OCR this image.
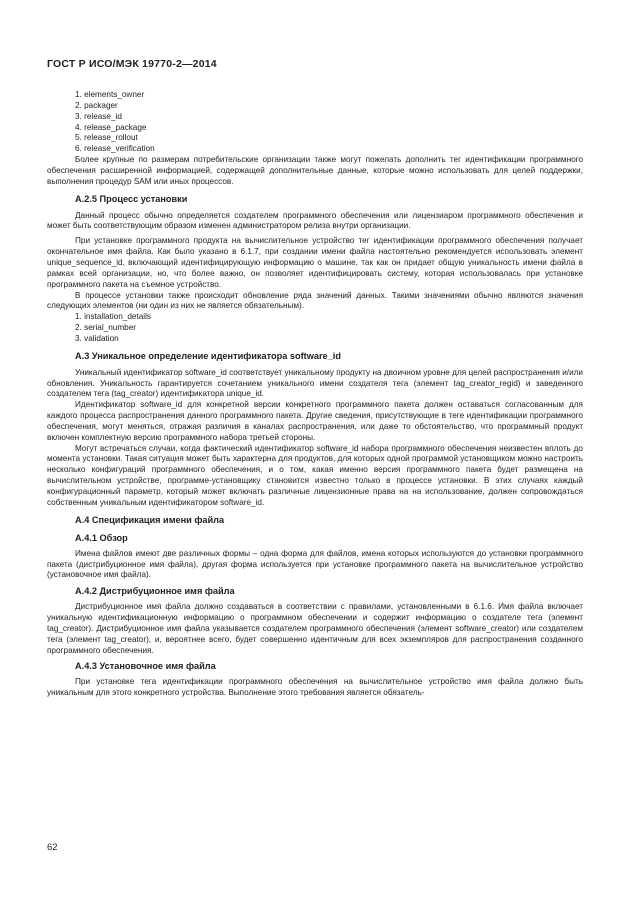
ГОСТ Р ИСО/МЭК 19770-2—2014
1. elements_owner
2. packager
3. release_id
4. release_package
5. release_rollout
6. release_verification

Более крупные по размерам потребительские организации также могут пожелать дополнить тег идентификации программного обеспечения расширенной информацией, содержащей дополнительные данные, которые можно использовать для целей поддержки, выполнения процедур SAM или иных процессов.

А.2.5 Процесс установки

Данный процесс обычно определяется создателем программного обеспечения или лицензиаром программного обеспечения и может быть соответствующим образом изменен администратором релиза внутри организации.

При установке программного продукта на вычислительное устройство тег идентификации программного обеспечения получает окончательное имя файла. Как было указано в 6.1.7, при создании имени файла настоятельно рекомендуется использовать элемент unique_sequence_id, включающий идентифицирующую информацию о машине, так как он придает общую уникальность имени файла в рамках всей организации, но, что более важно, он позволяет идентифицировать систему, которая использовалась при установке программного пакета на съемное устройство.

В процессе установки также происходит обновление ряда значений данных. Такими значениями обычно являются значения следующих элементов (ни один из них не является обязательным).

1. installation_details
2. serial_number
3. validation
А.3 Уникальное определение идентификатора software_id

Уникальный идентификатор software_id соответствует уникальному продукту на двоичном уровне для целей распространения и/или обновления. Уникальность гарантируется сочетанием уникального имени создателя тега (элемент tag_creator_regid) и заведенного создателем тега (tag_creator) идентификатора unique_id.

Идентификатор software_id для конкретной версии конкретного программного пакета должен оставаться согласованным для каждого процесса распространения данного программного пакета. Другие сведения, присутствующие в теге идентификации программного обеспечения, могут меняться, отражая различия в каналах распространения, или даже то обстоятельство, что программный продукт включен комплектную версию программного набора третьей стороны.

Могут встречаться случаи, когда фактический идентификатор software_id набора программного обеспечения неизвестен вплоть до момента установки. Такая ситуация может быть характерна для продуктов, для которых одной программой установщиком можно настроить несколько конфигураций программного обеспечения, и о том, какая именно версия программного пакета будет размещена на вычислительном устройстве, программе-установщику становится известно только в процессе установки. В этих случаях каждый конфигурационный параметр, который может включать различные лицензионные права на на использование, должен сопровождаться собственным уникальным идентификатором software_id.

А.4 Спецификация имени файла
А.4.1 Обзор

Имена файлов имеют две различных формы – одна форма для файлов, имена которых используются до установки программного пакета (дистрибуционное имя файла), другая форма используется при установке программного пакета на вычислительное устройство (установочное имя файла).

А.4.2 Дистрибуционное имя файла

Дистрибуционное имя файла должно создаваться в соответствии с правилами, установленными в 6.1.6. Имя файла включает уникальную идентификационную информацию о программном обеспечении и содержит информацию о создателе тега (элемент tag_creator). Дистрибуционное имя файла указывается создателем программного обеспечения (элемент software_creator) или создателем тега (элемент tag_creator), и, вероятнее всего, будет совершенно идентичным для всех экземпляров для распространения созданного программного обеспечения.

А.4.3 Установочное имя файла

При установке тега идентификации программного обеспечения на вычислительное устройство имя файла должно быть уникальным для этого конкретного устройства. Выполнение этого требования является обязатель-

62
